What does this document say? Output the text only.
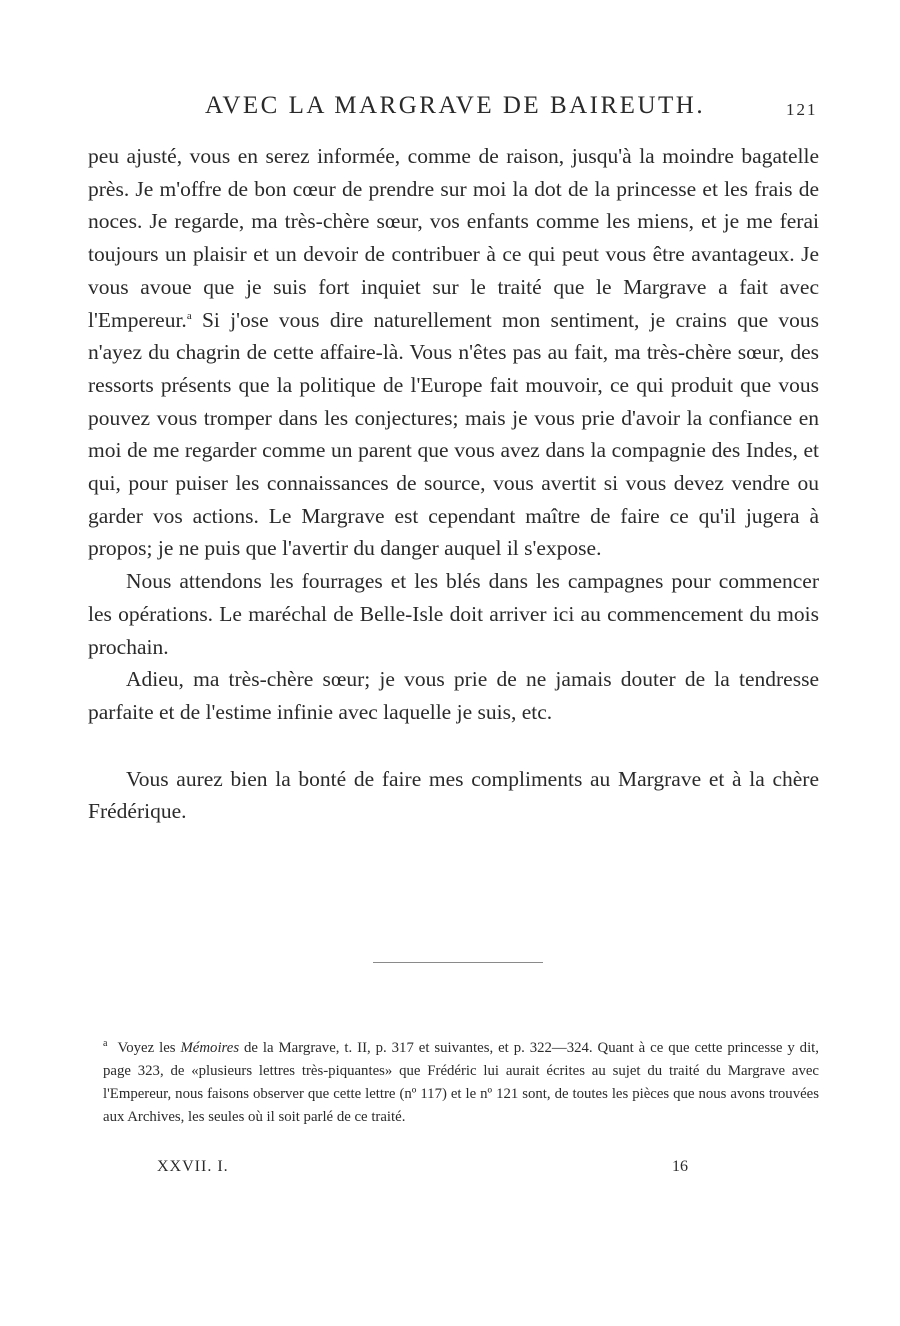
AVEC LA MARGRAVE DE BAIREUTH.	121

peu ajusté, vous en serez informée, comme de raison, jusqu'à la moindre bagatelle près. Je m'offre de bon cœur de prendre sur moi la dot de la princesse et les frais de noces. Je regarde, ma très-chère sœur, vos enfants comme les miens, et je me ferai toujours un plaisir et un devoir de contribuer à ce qui peut vous être avantageux. Je vous avoue que je suis fort inquiet sur le traité que le Margrave a fait avec l'Empereur.$^a$ Si j'ose vous dire naturellement mon sentiment, je crains que vous n'ayez du chagrin de cette affaire-là. Vous n'êtes pas au fait, ma très-chère sœur, des ressorts présents que la politique de l'Europe fait mouvoir, ce qui produit que vous pouvez vous tromper dans les conjectures; mais je vous prie d'avoir la confiance en moi de me regarder comme un parent que vous avez dans la compagnie des Indes, et qui, pour puiser les connaissances de source, vous avertit si vous devez vendre ou garder vos actions. Le Margrave est cependant maître de faire ce qu'il jugera à propos; je ne puis que l'avertir du danger auquel il s'expose.

Nous attendons les fourrages et les blés dans les campagnes pour commencer les opérations. Le maréchal de Belle-Isle doit arriver ici au commencement du mois prochain.

Adieu, ma très-chère sœur; je vous prie de ne jamais douter de la tendresse parfaite et de l'estime infinie avec laquelle je suis, etc.

Vous aurez bien la bonté de faire mes compliments au Margrave et à la chère Frédérique.

$^a$ Voyez les Mémoires de la Margrave, t. II, p. 317 et suivantes, et p. 322—324. Quant à ce que cette princesse y dit, page 323, de «plusieurs lettres très-piquantes» que Frédéric lui aurait écrites au sujet du traité du Margrave avec l'Empereur, nous faisons observer que cette lettre (nº 117) et le nº 121 sont, de toutes les pièces que nous avons trouvées aux Archives, les seules où il soit parlé de ce traité.

XXVII. I.	16
